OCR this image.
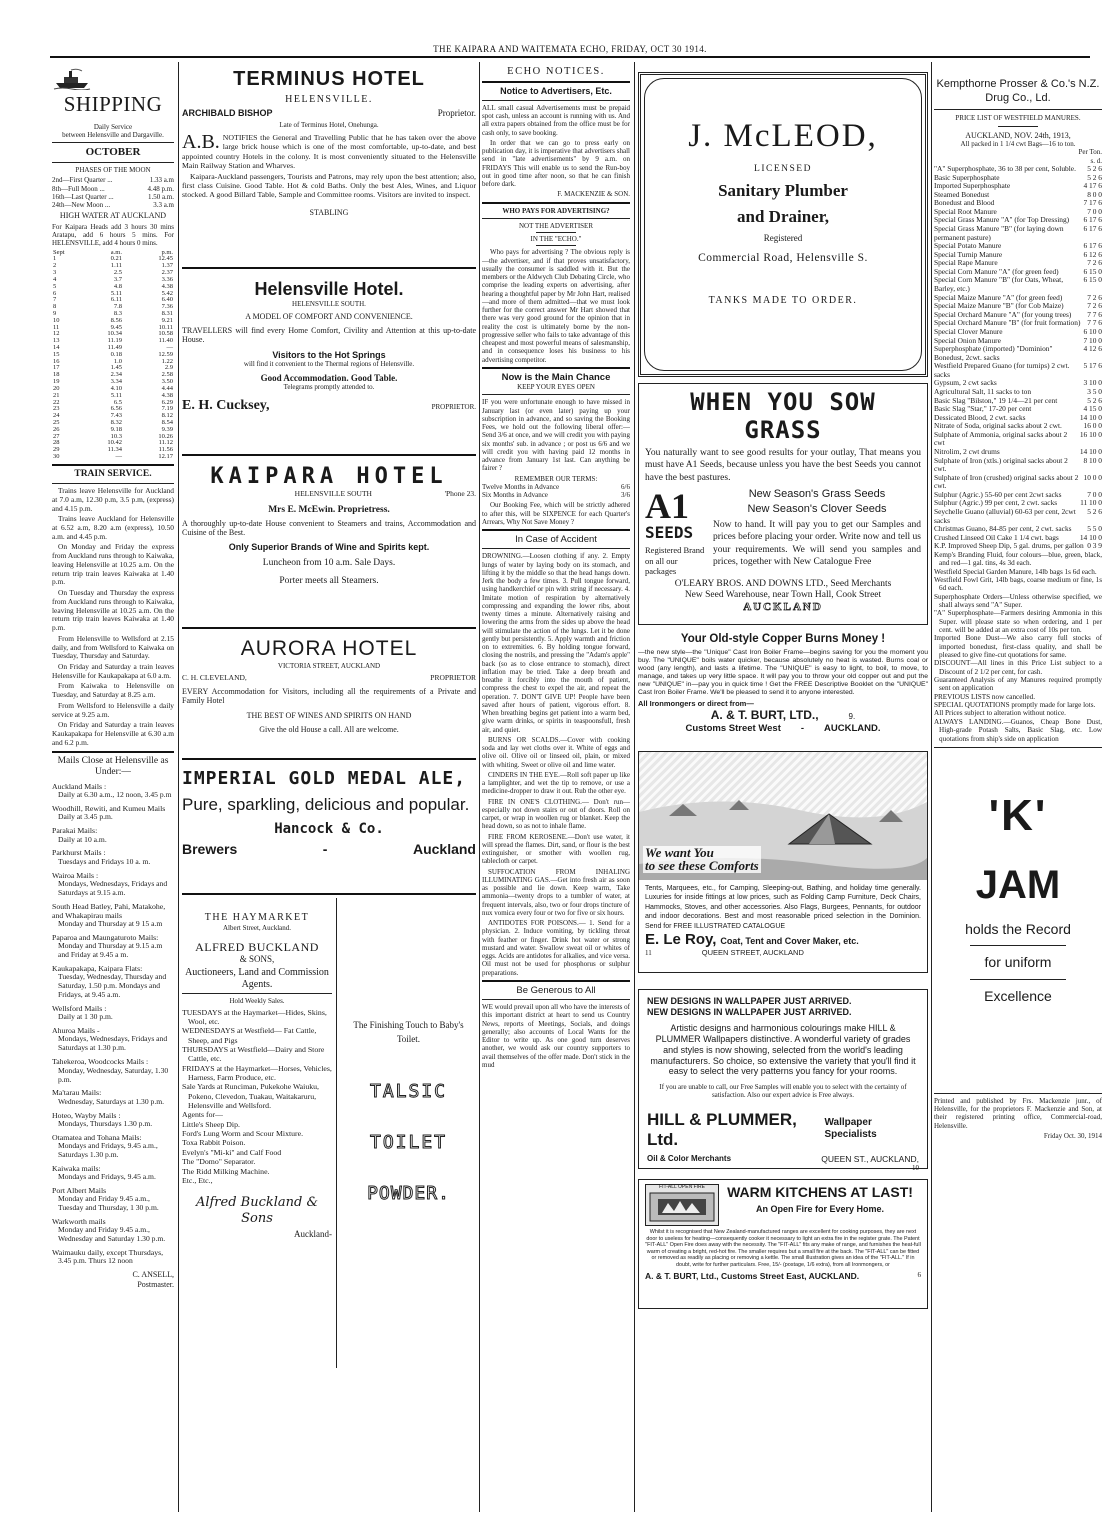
THE KAIPARA AND WAITEMATA ECHO, FRIDAY, OCT 30 1914.
SHIPPING
Daily Service
between Helensville and Dargaville.
OCTOBER
PHASES OF THE MOON
2nd—First Quarter ...	1.33 a.m
8th—Full Moon ...	4.48 p.m.
16th—Last Quarter ...	1.50 a.m.
24th—New Moon ...	3.3 a.m
HIGH WATER AT AUCKLAND
For Kaipara Heads add 3 hours 30 mins Aratapu, add 6 hours 5 mins. For HELENSVILLE, add 4 hours 0 mins.
Sept	a.m.	p.m.
1	0.21	12.45
2	1.11	1.37
3	2.5	2.37
4	3.7	3.36
5	4.8	4.38
6	5.11	5.42
7	6.11	6.40
8	7.8	7.36
9	8.3	8.31
10	8.56	9.21
11	9.45	10.11
12	10.34	10.58
13	11.19	11.40
14	11.49	—
15	0.18	12.59
16	1.0	1.22
17	1.45	2.9
18	2.34	2.58
19	3.34	3.50
20	4.10	4.44
21	5.11	4.38
22	6.5	6.29
23	6.56	7.19
24	7.43	8.12
25	8.32	8.54
26	9.18	9.39
27	10.3	10.26
28	10.42	11.12
29	11.34	11.56
30	—	12.17
TRAIN SERVICE.
Trains leave Helensville for Auckland at 7.0 a.m, 12.30 p.m, 3.5 p.m, (express) and 4.15 p.m.
Trains leave Auckland for Helensville at 6.52 a.m, 8.20 a.m (express), 10.50 a.m. and 4.45 p.m.
On Monday and Friday the express from Auckland runs through to Kaiwaka, leaving Helensville at 10.25 a.m. On the return trip train leaves Kaiwaka at 1.40 p.m.
On Tuesday and Thursday the express from Auckland runs through to Kaiwaka, leaving Helensville at 10.25 a.m. On the return trip train leaves Kaiwaka at 1.40 p.m.
From Helensville to Wellsford at 2.15 daily, and from Wellsford to Kaiwaka on Tuesday, Thursday and Saturday.
On Friday and Saturday a train leaves Helensville for Kaukapakapa at 6.0 a.m.
From Kaiwaka to Helensville on Tuesday, and Saturday at 8.25 a.m.
From Wellsford to Helensville a daily service at 9.25 a.m.
On Friday and Saturday a train leaves Kaukapakapa for Helensville at 6.30 a.m and 6.2 p.m.
Mails Close at Helensville as Under:—
Auckland Mails :
Daily at 6.30 a.m., 12 noon, 3.45 p.m
Woodhill, Rewiti, and Kumeu Mails
Daily at 3.45 p.m.
Parakai Mails:
Daily at 10 a.m.
Parkhurst Mails :
Tuesdays and Fridays 10 a. m.
Wairoa Mails :
Mondays, Wednesdays, Fridays and Saturdays at 9.15 a.m.
South Head Batley, Pahi, Matakohe, and Whakapirau mails
Monday and Thursday at 9 15 a.m
Paparoa and Maungaturoto Mails:
Monday and Thursday at 9.15 a.m and Friday at 9.45 a m.
Kaukapakapa, Kaipara Flats:
Tuesday, Wednesday, Thursday and Saturday, 1.50 p.m. Mondays and Fridays, at 9.45 a.m.
Wellsford Mails :
Daily at 1 30 p.m.
Ahuroa Mails -
Mondays, Wednesdays, Fridays and Saturdays at 1.30 p.m.
Tahekeroa, Woodcocks Mails :
Monday, Wednesday, Saturday, 1.30 p.m.
Ma'tarau Mails:
Wednesday, Saturdays at 1.30 p.m.
Hoteo, Wayby Mails :
Mondays, Thursdays 1.30 p.m.
Otamatea and Tohana Mails:
Mondays and Fridays, 9.45 a.m., Saturdays 1.30 p.m.
Kaiwaka mails:
Mondays and Fridays, 9.45 a.m.
Port Albert Mails
Monday and Friday 9.45 a.m., Tuesday and Thursday, 1 30 p.m.
Warkworth mails
Monday and Friday 9.45 a.m., Wednesday and Saturday 1.30 p.m.
Waimauku daily, except Thursdays,
3.45 p.m. Thurs 12 noon
C. ANSELL,
Postmaster.
TERMINUS HOTEL
HELENSVILLE.
ARCHIBALD BISHOP	Proprietor.
Late of Terminus Hotel, Onehunga.
A.B. NOTIFIES the General and Travelling Public that he has taken over the above large brick house which is one of the most comfortable, up-to-date, and best appointed country Hotels in the colony. It is most conveniently situated to the Helensville Main Railway Station and Wharves.
Kaipara-Auckland passengers, Tourists and Patrons, may rely upon the best attention; also, first class Cuisine. Good Table. Hot & cold Baths. Only the best Ales, Wines, and Liquor stocked. A good Billard Table, Sample and Committee rooms. Visitors are invited to inspect.
STABLING
Helensville Hotel.
HELENSVILLE SOUTH.
A MODEL OF COMFORT AND CONVENIENCE.
TRAVELLERS will find every Home Comfort, Civility and Attention at this up-to-date House.
Visitors to the Hot Springs
will find it convenient to the Thermal regions of Helensville.
Good Accommodation. Good Table.
Telegrams promptly attended to.
E. H. Cucksey,	PROPRIETOR.
KAIPARA HOTEL
HELENSVILLE SOUTH	'Phone 23.
Mrs E. McEwin. Proprietress.
A thoroughly up-to-date House convenient to Steamers and trains, Accommodation and Cuisine of the Best.
Only Superior Brands of Wine and Spirits kept.
Luncheon from 10 a.m. Sale Days.
Porter meets all Steamers.
AURORA HOTEL
VICTORIA STREET, AUCKLAND
C. H. CLEVELAND,	PROPRIETOR
EVERY Accommodation for Visitors, including all the requirements of a Private and Family Hotel
THE BEST OF WINES AND SPIRITS ON HAND
Give the old House a call. All are welcome.
IMPERIAL GOLD MEDAL ALE,
Pure, sparkling, delicious and popular.
Hancock & Co.
Brewers	-	Auckland
THE HAYMARKET
Albert Street, Auckland.
ALFRED BUCKLAND
& SONS,
Auctioneers, Land and Commission Agents.
Hold Weekly Sales.
TUESDAYS at the Haymarket—Hides, Skins, Wool, etc.
WEDNESDAYS at Westfield— Fat Cattle, Sheep, and Pigs
THURSDAYS at Westfield—Dairy and Store Cattle, etc.
FRIDAYS at the Haymarket—Horses, Vehicles, Harness, Farm Produce, etc.
Sale Yards at Runciman, Pukekohe Waiuku, Pokeno, Clevedon, Tuakau, Waitakaruru, Helensville and Wellsford.
Agents for—
Little's Sheep Dip.
Ford's Lung Worm and Scour Mixture.
Toxa Rabbit Poison.
Evelyn's "Mi-ki" and Calf Food
The "Domo" Separator.
The Ridd Milking Machine.
Etc., Etc.,
Alfred Buckland & Sons
Auckland-
The Finishing Touch to Baby's Toilet.
TALSIC
TOILET
POWDER.
ECHO NOTICES.
Notice to Advertisers, Etc.
ALL small casual Advertisements must be prepaid spot cash, unless an account is running with us. And all extra papers obtained from the office must be for cash only, to save booking.
In order that we can go to press early on publication day, it is imperative that advertisers shall send in "late advertisements" by 9 a.m. on FRIDAYS This will enable us to send the Run-boy out in good time after noon, so that he can finish before dark.
F. MACKENZIE & SON.
WHO PAYS FOR ADVERTISING?
NOT THE ADVERTISER
IN THE "ECHO."
Who pays for advertising ? The obvious reply is—the advertiser, and if that proves unsatisfactory, usually the consumer is saddled with it. But the members or the Aldwych Club Debating Circle, who comprise the leading experts on advertising, after hearing a thoughtful paper by Mr John Hart, realised—and more of them admitted—that we must look further for the correct answer Mr Hart showed that there was very good ground for the opinion that in reality the cost is ultimately borne by the non-progressive seller who fails to take advantage of this cheapest and most powerful means of salesmanship, and in consequence loses his business to his advertising competitor.
Now is the Main Chance
KEEP YOUR EYES OPEN
IF you were unfortunate enough to have missed in January last (or even later) paying up your subscription in advance, and so saving the Booking Fees, we hold out the following liberal offer:— Send 3/6 at once, and we will credit you with paying six months' sub. in advance ; or post us 6/6 and we will credit you with having paid 12 months in advance from January 1st last. Can anything be fairer ?
REMEMBER OUR TERMS:
Twelve Months in Advance	6/6
Six Months in Advance	3/6
Our Booking Fee, which will be strictly adhered to after this, will be SIXPENCE for each Quarter's Arrears, Why Not Save Money ?
In Case of Accident
DROWNING.—Loosen clothing if any. 2. Empty lungs of water by laying body on its stomach, and lifting it by the middle so that the head hangs down. Jerk the body a few times. 3. Pull tongue forward, using handkerchief or pin with string if necessary. 4. Imitate motion of respiration by alternatively compressing and expanding the lower ribs, about twenty times a minute. Alternatively raising and lowering the arms from the sides up above the head will stimulate the action of the lungs. Let it be done gently but persistently. 5. Apply warmth and friction on to extremities. 6. By holding tongue forward, closing the nostrils, and pressing the "Adam's apple" back (so as to close entrance to stomach), direct inflation may be tried. Take a deep breath and breathe it forcibly into the mouth of patient, compress the chest to expel the air, and repeat the operation. 7. DON'T GIVE UP! People have been saved after hours of patient, vigorous effort. 8. When breathing begins get patient into a warm bed, give warm drinks, or spirits in teaspoonsfull, fresh air, and quiet.
BURNS OR SCALDS.—Cover with cooking soda and lay wet cloths over it. White of eggs and olive oil. Olive oil or linseed oil, plain, or mixed with whiting. Sweet or olive oil and lime water.
CINDERS IN THE EYE.—Roll soft paper up like a lamplighter, and wet the tip to remove, or use a medicine-dropper to draw it out. Rub the other eye.
FIRE IN ONE'S CLOTHING.— Don't run—especially not down stairs or out of doors. Roll on carpet, or wrap in woollen rug or blanket. Keep the head down, so as not to inhale flame.
FIRE FROM KEROSENE.—Don't use water, it will spread the flames. Dirt, sand, or flour is the best extinguisher, or smother with woollen rug, tablecloth or carpet.
SUFFOCATION FROM INHALING ILLUMINATING GAS.—Get into fresh air as soon as possible and lie down. Keep warm, Take ammonia—twenty drops to a tumbler of water, at frequent intervals, also, two or four drops tincture of nux vomica every four or two for five or six hours.
ANTIDOTES FOR POISONS.— 1. Send for a physician. 2. Induce vomiting, by tickling throat with feather or finger. Drink hot water or strong mustard and water. Swallow sweat oil or whites of eggs. Acids are antidotes for alkalies, and vice versa. Oil must not be used for phosphorus or sulphur preparations.
Be Generous to All
WE would prevail upon all who have the interests of this important district at heart to send us Country News, reports of Meetings, Socials, and doings generally; also accounts of Local Wants for the Editor to write up. As one good turn deserves another, we would ask our country supporters to avail themselves of the offer made. Don't stick in the mud
J. McLEOD,
LICENSED
Sanitary Plumber
and Drainer,
Registered
Commercial Road, Helensville S.
TANKS MADE TO ORDER.
WHEN YOU SOW GRASS
You naturally want to see good results for your outlay, That means you must have A1 Seeds, because unless you have the best Seeds you cannot have the best pastures.
A1
SEEDS
Registered Brand on all our packages
New Season's Grass Seeds
New Season's Clover Seeds
Now to hand. It will pay you to get our Samples and prices before placing your order. Write now and tell us your requirements. We will send you samples and prices, together with New Catalogue Free
O'LEARY BROS. AND DOWNS LTD., Seed Merchants
New Seed Warehouse, near Town Hall, Cook Street
AUCKLAND
Your Old-style Copper Burns Money !
—the new style—the "Unique" Cast Iron Boiler Frame—begins saving for you the moment you buy. The "UNIQUE" boils water quicker, because absolutely no heat is wasted. Burns coal or wood (any length), and lasts a lifetime. The "UNIQUE" is easy to light, to boil, to move, to manage, and takes up very little space. It will pay you to throw your old copper out and put the new "UNIQUE" in—pay you in quick time ! Get the FREE Descriptive Booklet on the "UNIQUE" Cast Iron Boiler Frame. We'll be pleased to send it to anyone interested.
All Ironmongers or direct from—
A. & T. BURT, LTD.,	9.
Customs Street West - AUCKLAND.
We want You
to see these Comforts
Tents, Marquees, etc., for Camping, Sleeping-out, Bathing, and holiday time generally. Luxuries for inside fittings at low prices, such as Folding Camp Furniture, Deck Chairs, Hammocks, Stoves, and other accessories. Also Flags, Burgees, Pennants, for outdoor and indoor decorations. Best and most reasonable priced selection in the Dominion. Send for FREE ILLUSTRATED CATALOGUE
E. Le Roy, Coat, Tent and Cover Maker, etc.
11	QUEEN STREET, AUCKLAND
NEW DESIGNS IN WALLPAPER JUST ARRIVED.
NEW DESIGNS IN WALLPAPER JUST ARRIVED.
Artistic designs and harmonious colourings make HILL & PLUMMER Wallpapers distinctive. A wonderful variety of grades and styles is now showing, selected from the world's leading manufacturers. So choice, so extensive the variety that you'll find it easy to select the very patterns you fancy for your rooms.
If you are unable to call, our Free Samples will enable you to select with the certainty of satisfaction. Also our expert advice is Free always.
HILL & PLUMMER, Ltd.
Wallpaper Specialists
Oil & Color Merchants	QUEEN ST., AUCKLAND,
10
FIT-ALL OPEN FIRE	WARM KITCHENS AT LAST!
An Open Fire for Every Home.
Whilst it is recognised that New Zealand-manufactured ranges are excellent for cooking purposes, they are next door to useless for heating—consequently cooker it necessary to light an extra fire in the register grate. The Patent "FIT-ALL" Open Fire does away with the necessity. The "FIT-ALL" fits any make of range, and furnishes the heat-full warm of creating a bright, red-hot fire. The smaller requires but a small fire at the back. The "FIT-ALL" can be fitted or removed as readily as placing or removing a kettle. The small illustration gives an idea of the "FIT-ALL." If in doubt, write for further particulars. Free, 15/- (postage, 1/6 extra), from all Ironmongers, or
A. & T. BURT, Ltd., Customs Street East, AUCKLAND.	6
Kempthorne Prosser & Co.'s N.Z. Drug Co., Ld.
PRICE LIST OF WESTFIELD MANURES.
AUCKLAND, NOV. 24th, 1913,
All packed in 1 1/4 cwt Bags—16 to ton.
Per Ton.
s. d.
"A" Superphosphate, 36 to 38 per cent, Soluble.	5 2 6
Basic Superphosphate	5 2 6
Imported Superphosphate	4 17 6
Steamed Bonedust	8 0 0
Bonedust and Blood	7 17 6
Special Root Manure	7 0 0
Special Grass Manure "A" (for Top Dressing)	6 17 6
Special Grass Manure "B" (for laying down permanent pasture)
6 17 6
Special Potato Manure	6 17 6
Special Turnip Manure	6 12 6
Special Rape Manure	7 2 6
Special Corn Manure "A" (for green feed)	6 15 0
Special Corn Manure "B" (for Oats, Wheat, Barley, etc.)
6 15 0
Special Maize Manure "A" (for green feed)	7 2 6
Special Maize Manure "B" (for Cob Maize)	7 2 6
Special Orchard Manure "A" (for young trees)	7 7 6
Special Orchard Manure "B" (for fruit formation) 7 7 6
Special Clover Manure	6 10 0
Special Onion Manure	7 10 0
Superphosphate (imported) "Dominion" Bonedust, 2cwt. sacks
4 12 6
Westfield Prepared Guano (for turnips) 2 cwt. sacks
5 17 6
Gypsum, 2 cwt sacks	3 10 0
Agricultural Salt, 11 sacks to ton	3 5 0
Basic Slag "Bilston," 19 1/4—21 per cent	5 2 6
Basic Slag "Star," 17-20 per cent	4 15 0
Dessicated Blood, 2 cwt. sacks	14 10 0
Nitrate of Soda, original sacks about 2 cwt.	16 0 0
Sulphate of Ammonia, original sacks about 2 cwt
16 10 0
Nitrolim, 2 cwt drums	14 10 0
Sulphate of Iron (xtls.) original sacks about 2 cwt.
8 10 0
Sulphate of Iron (crushed) original sacks about 2 cwt.
10 0 0
Sulphur (Agric.) 55-60 per cent 2cwt sacks	7 0 0
Sulphur (Agric.) 99 per cent, 2 cwt. sacks	11 10 0
Seychelle Guano (alluvial) 60-63 per cent, 2cwt sacks
5 2 6
Christmas Guano, 84-85 per cent, 2 cwt. sacks	5 5 0
Crushed Linseed Oil Cake 1 1/4 cwt. bags	14 10 0
K.P. Improved Sheep Dip, 5 gal. drums, per gallon 0 3 9
Kemp's Branding Fluid, four colours—blue, green, black, and red—1 gal. tins, 4s 3d each.
Westfield Special Garden Manure, 14lb bags 1s 6d each.
Westfield Fowl Grit, 14lb bags, coarse medium or fine, 1s 6d each.
Superphosphate Orders—Unless otherwise specified, we shall always send "A" Super.
"A" Superphosphate—Farmers desiring Ammonia in this Super. will please state so when ordering, and 1 per cent. will be added at an extra cost of 10s per ton.
Imported Bone Dust—We also carry full stocks of imported bonedust, first-class quality, and shall be pleased to give fine-cut quotations for same.
DISCOUNT—All lines in this Price List subject to a Discount of 2 1/2 per cent, for cash.
Guaranteed Analysis of any Manures required promptly sent on application
PREVIOUS LISTS now cancelled.
SPECIAL QUOTATIONS promptly made for large lots.
All Prices subject to alteration without notice.
ALWAYS LANDING.—Guanos, Cheap Bone Dust, High-grade Potash Salts, Basic Slag, etc. Low quotations from ship's side on application
'K'
JAM
holds the Record
for uniform
Excellence
Printed and published by Frs. Mackenzie junr., of Helensville, for the proprietors F. Mackenzie and Son, at their registered printing office, Commercial-road, Helensville.
Friday Oct. 30, 1914
